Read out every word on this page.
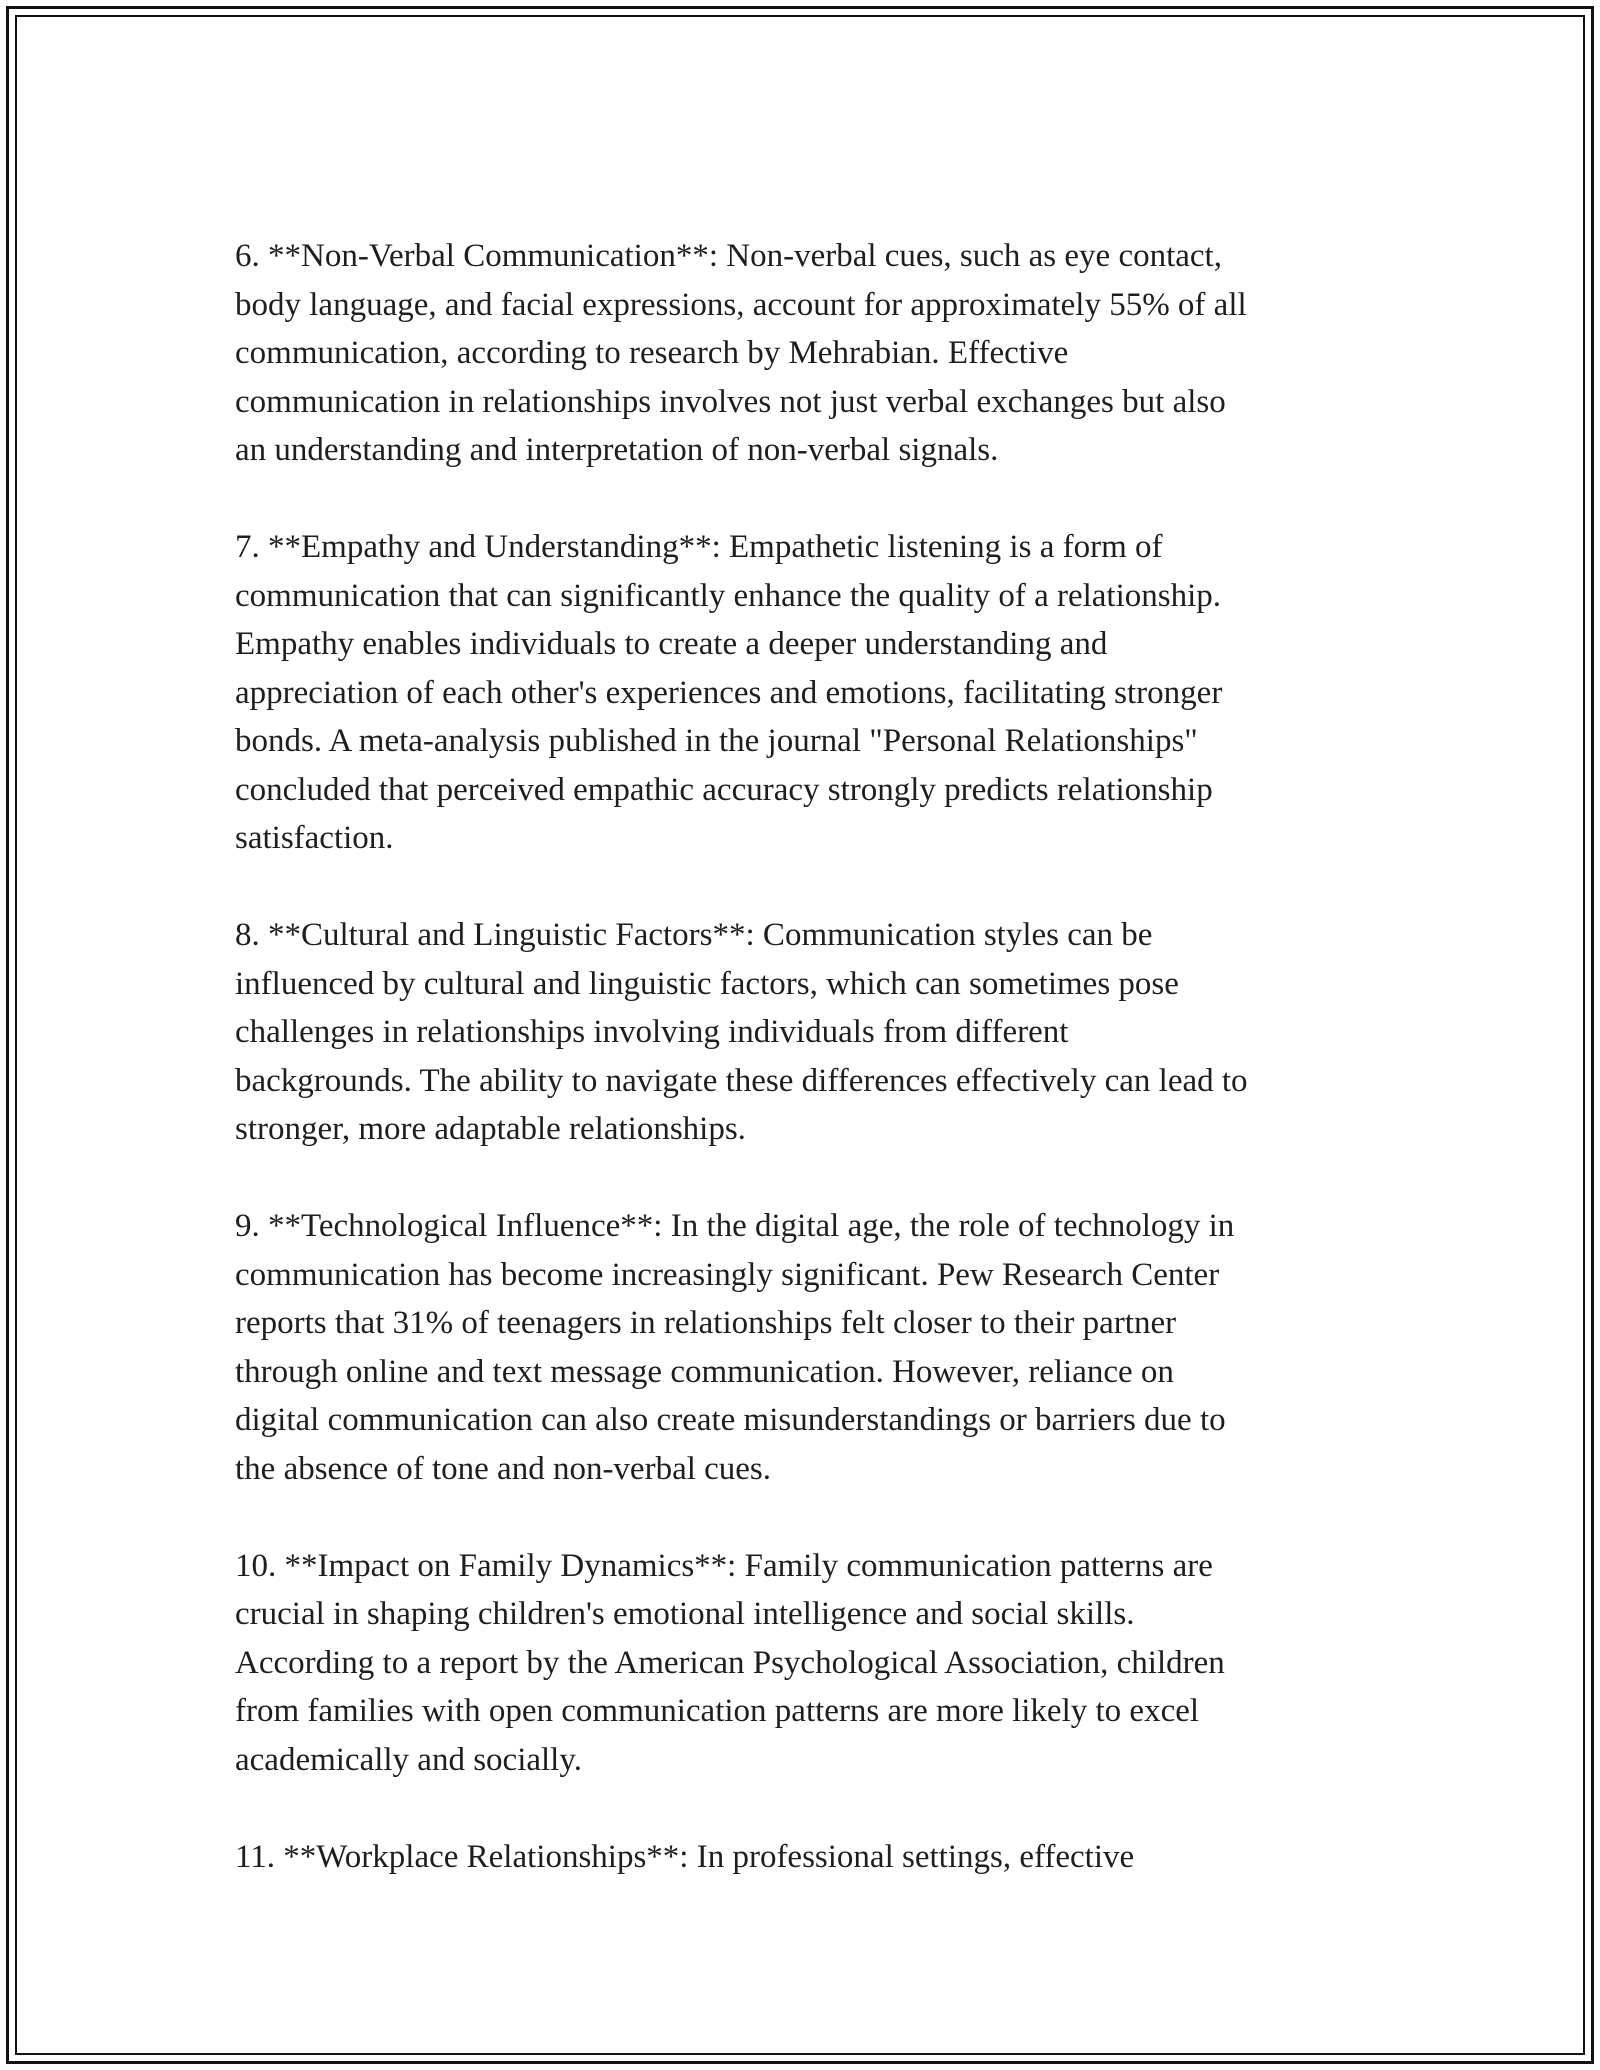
6. **Non-Verbal Communication**: Non-verbal cues, such as eye contact,
body language, and facial expressions, account for approximately 55% of all
communication, according to research by Mehrabian. Effective
communication in relationships involves not just verbal exchanges but also
an understanding and interpretation of non-verbal signals.

7. **Empathy and Understanding**: Empathetic listening is a form of
communication that can significantly enhance the quality of a relationship.
Empathy enables individuals to create a deeper understanding and
appreciation of each other's experiences and emotions, facilitating stronger
bonds. A meta-analysis published in the journal "Personal Relationships"
concluded that perceived empathic accuracy strongly predicts relationship
satisfaction.

8. **Cultural and Linguistic Factors**: Communication styles can be
influenced by cultural and linguistic factors, which can sometimes pose
challenges in relationships involving individuals from different
backgrounds. The ability to navigate these differences effectively can lead to
stronger, more adaptable relationships.

9. **Technological Influence**: In the digital age, the role of technology in
communication has become increasingly significant. Pew Research Center
reports that 31% of teenagers in relationships felt closer to their partner
through online and text message communication. However, reliance on
digital communication can also create misunderstandings or barriers due to
the absence of tone and non-verbal cues.

10. **Impact on Family Dynamics**: Family communication patterns are
crucial in shaping children's emotional intelligence and social skills.
According to a report by the American Psychological Association, children
from families with open communication patterns are more likely to excel
academically and socially.

11. **Workplace Relationships**: In professional settings, effective
